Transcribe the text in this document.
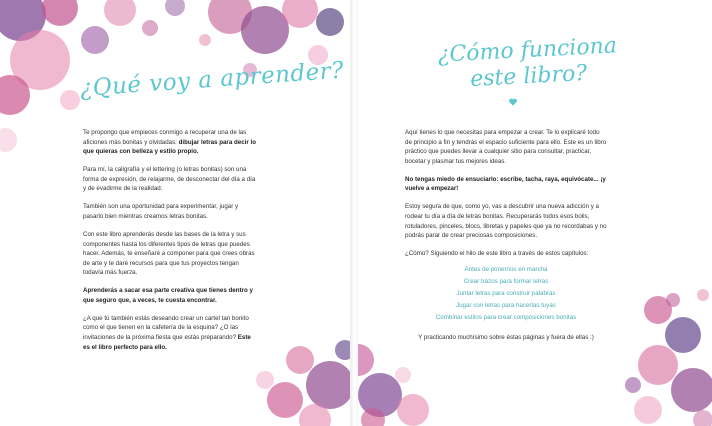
¿Qué voy a aprender?

Te propongo que empieces conmigo a recuperar una de las aficiones más bonitas y olvidadas: dibujar letras para decir lo que quieras con belleza y estilo propio.

Para mí, la caligrafía y el lettering (o letras bonitas) son una forma de expresión, de relajarme, de desconectar del día a día y de evadirme de la realidad.

También son una oportunidad para experimentar, jugar y pasarlo bien mientras creamos letras bonitas.

Con este libro aprenderás desde las bases de la letra y sus componentes hasta los diferentes tipos de letras que puedes hacer. Además, te enseñaré a componer para que crees obras de arte y te daré recursos para que tus proyectos tengan todavía más fuerza.

Aprenderás a sacar esa parte creativa que tienes dentro y que seguro que, a veces, te cuesta encontrar.

¿A que tú también estás deseando crear un cartel tan bonito como el que tienen en la cafetería de la esquina? ¿O las invitaciones de la próxima fiesta que estás preparando? Este es el libro perfecto para ello.

¿Cómo funciona
este libro?

Aquí tienes lo que necesitas para empezar a crear. Te lo explicaré todo de principio a fin y tendrás el espacio suficiente para ello. Este es un libro práctico que puedes llevar a cualquier sitio para consultar, practicar, bocetar y plasmar tus mejores ideas.

No tengas miedo de ensuciarlo: escribe, tacha, raya, equivócate... ¡y vuelve a empezar!

Estoy segura de que, como yo, vas a descubrir una nueva adicción y a rodear tu día a día de letras bonitas. Recuperarás todos esos bolis, rotuladores, pinceles, blocs, libretas y papeles que ya no recordabas y no podrás parar de crear preciosas composiciones.

¿Cómo? Siguiendo el hilo de este libro a través de estos capítulos:

Antes de ponernos en marcha
Crear trazos para formar letras
Juntar letras para construir palabras
Jugar con letras para hacerlas tuyas
Combinar estilos para crear composiciones bonitas

Y practicando muchísimo sobre éstas páginas y fuera de ellas :)
